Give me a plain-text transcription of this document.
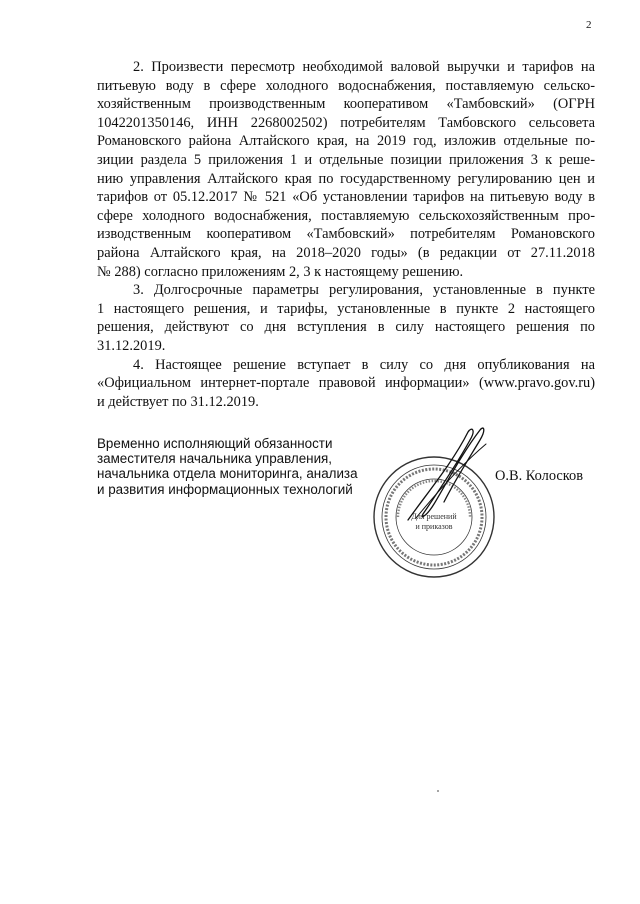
2
2. Произвести пересмотр необходимой валовой выручки и тарифов на
питьевую воду в сфере холодного водоснабжения, поставляемую сельско-
хозяйственным производственным кооперативом «Тамбовский» (ОГРН
1042201350146, ИНН 2268002502) потребителям Тамбовского сельсовета
Романовского района Алтайского края, на 2019 год, изложив отдельные по-
зиции раздела 5 приложения 1 и отдельные позиции приложения 3 к реше-
нию управления Алтайского края по государственному регулированию цен и
тарифов от 05.12.2017 № 521 «Об установлении тарифов на питьевую воду в
сфере холодного водоснабжения, поставляемую сельскохозяйственным про-
изводственным кооперативом «Тамбовский» потребителям Романовского
района Алтайского края, на 2018–2020 годы» (в редакции от 27.11.2018
№ 288) согласно приложениям 2, 3 к настоящему решению.
3. Долгосрочные параметры регулирования, установленные в пункте
1 настоящего решения, и тарифы, установленные в пункте 2 настоящего
решения, действуют со дня вступления в силу настоящего решения по
31.12.2019.
4. Настоящее решение вступает в силу со дня опубликования на
«Официальном интернет-портале правовой информации» (www.pravo.gov.ru)
и действует по 31.12.2019.
Временно исполняющий обязанности
заместителя начальника управления,
начальника отдела мониторинга, анализа
и развития информационных технологий
Для решений
и приказов
О.В. Колосков
